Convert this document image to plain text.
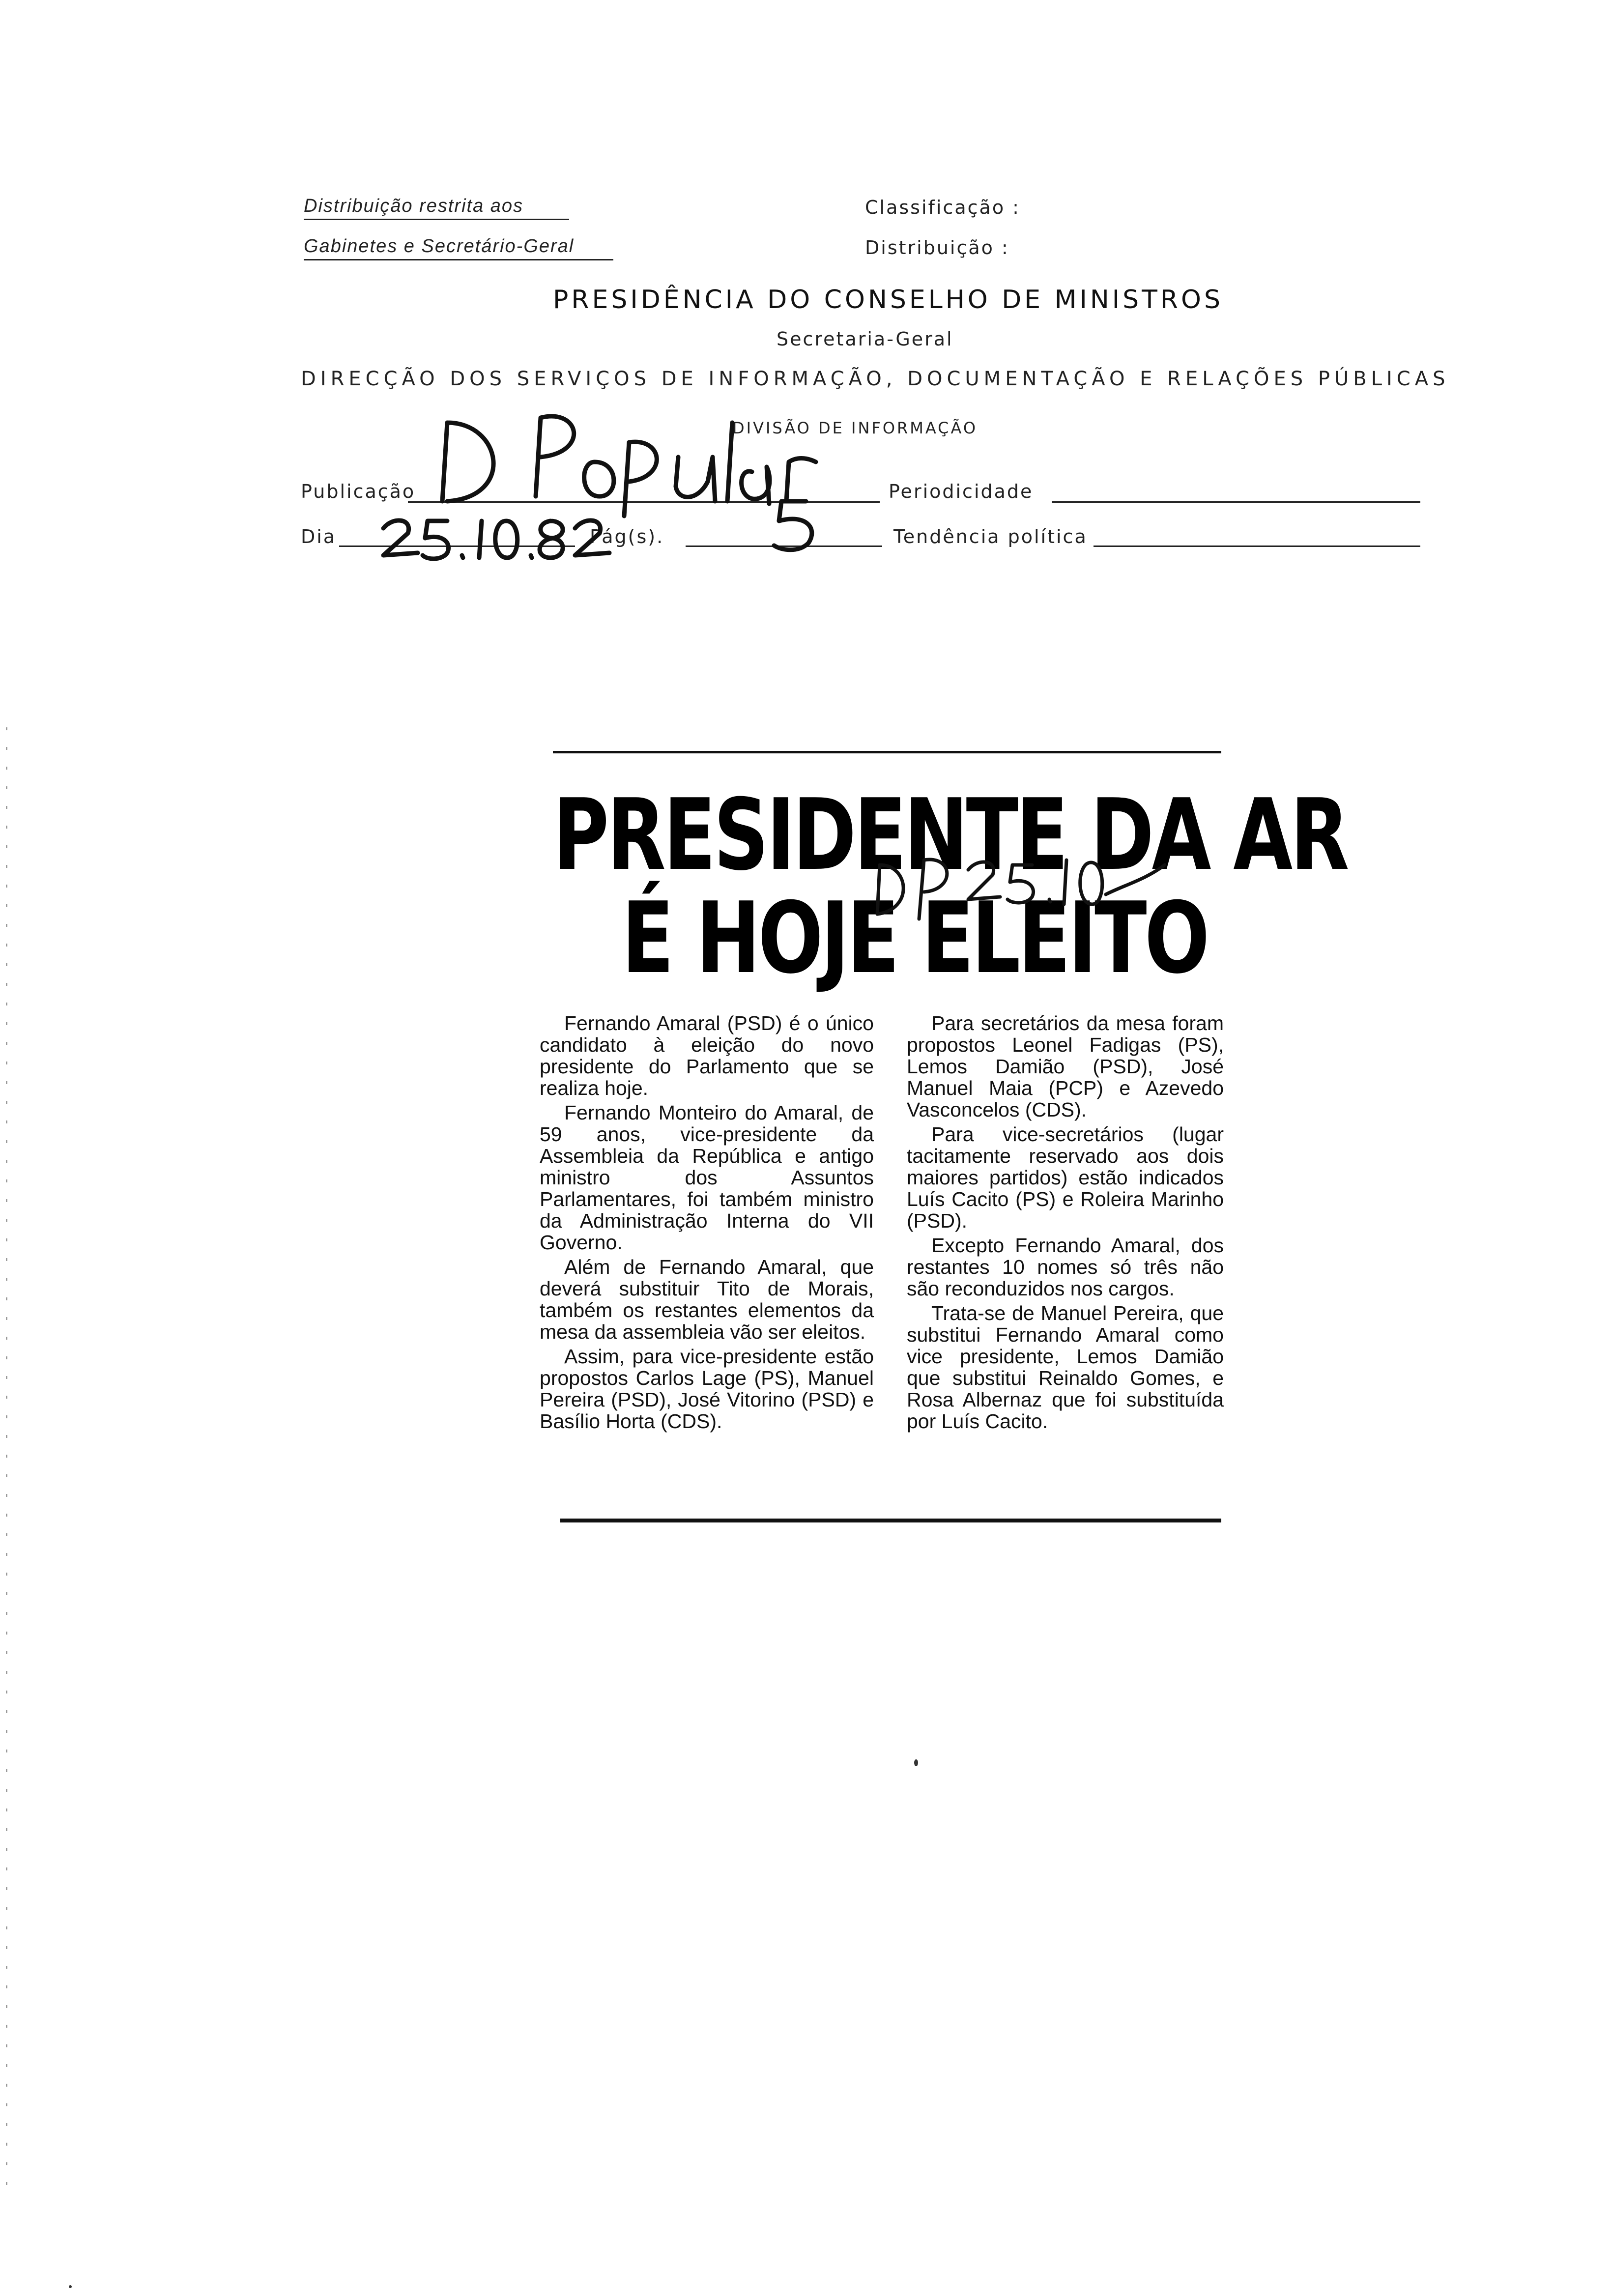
Distribuição restrita aos
Gabinetes e Secretário-Geral
Classificação :
Distribuição :
PRESIDÊNCIA DO CONSELHO DE MINISTROS
Secretaria-Geral
DIRECÇÃO DOS SERVIÇOS DE INFORMAÇÃO, DOCUMENTAÇÃO E RELAÇÕES PÚBLICAS
DIVISÃO DE INFORMAÇÃO
Publicação	Periodicidade
Dia	Pág(s).	Tendência política
PRESIDENTE DA AR
É HOJE ELEITO

Fernando Amaral (PSD) é o único candidato à eleição do novo presidente do Parlamento que se realiza hoje.

Fernando Monteiro do Amaral, de 59 anos, vice-presidente da Assembleia da República e antigo ministro dos Assuntos Parlamentares, foi também ministro da Administração Interna do VII Governo.

Além de Fernando Amaral, que deverá substituir Tito de Morais, também os restantes elementos da mesa da assembleia vão ser eleitos.

Assim, para vice-presidente estão propostos Carlos Lage (PS), Manuel Pereira (PSD), José Vitorino (PSD) e Basílio Horta (CDS).

Para secretários da mesa foram propostos Leonel Fadigas (PS), Lemos Damião (PSD), José Manuel Maia (PCP) e Azevedo Vasconcelos (CDS).

Para vice-secretários (lugar tacitamente reservado aos dois maiores partidos) estão indicados Luís Cacito (PS) e Roleira Marinho (PSD).

Excepto Fernando Amaral, dos restantes 10 nomes só três não são reconduzidos nos cargos.

Trata-se de Manuel Pereira, que substitui Fernando Amaral como vice presidente, Lemos Damião que substitui Reinaldo Gomes, e Rosa Albernaz que foi substituída por Luís Cacito.
